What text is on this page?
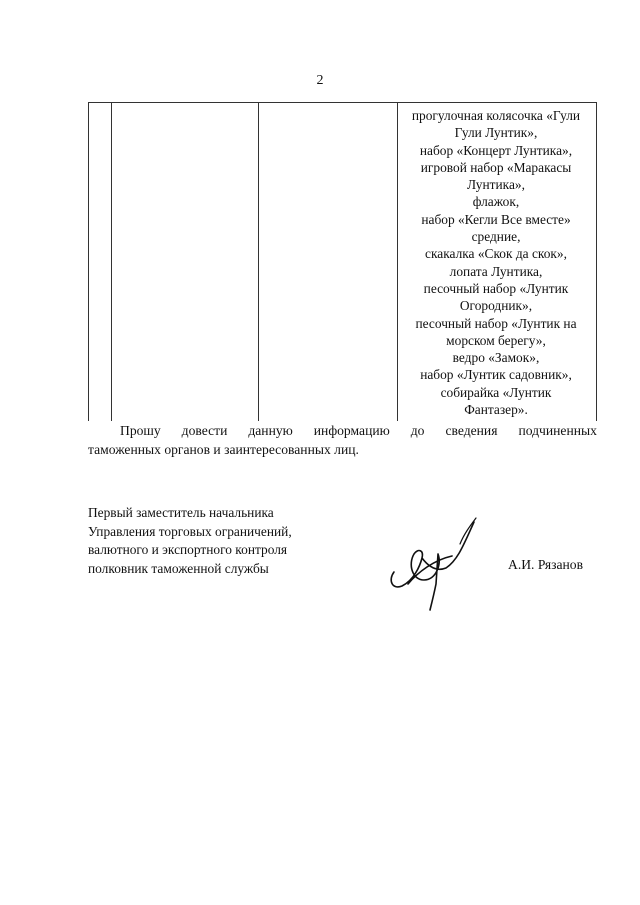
2
прогулочная колясочка «Гули
Гули Лунтик»,
набор «Концерт Лунтика»,
игровой набор «Маракасы
Лунтика»,
флажок,
набор «Кегли Все вместе»
средние,
скакалка «Скок да скок»,
лопата Лунтика,
песочный набор «Лунтик
Огородник»,
песочный набор «Лунтик на
морском берегу»,
ведро «Замок»,
набор «Лунтик садовник»,
собирайка «Лунтик
Фантазер».
Прошу довести данную информацию до сведения подчиненных
таможенных органов и заинтересованных лиц.
Первый заместитель начальника
Управления торговых ограничений,
валютного и экспортного контроля
полковник таможенной службы	А.И. Рязанов
